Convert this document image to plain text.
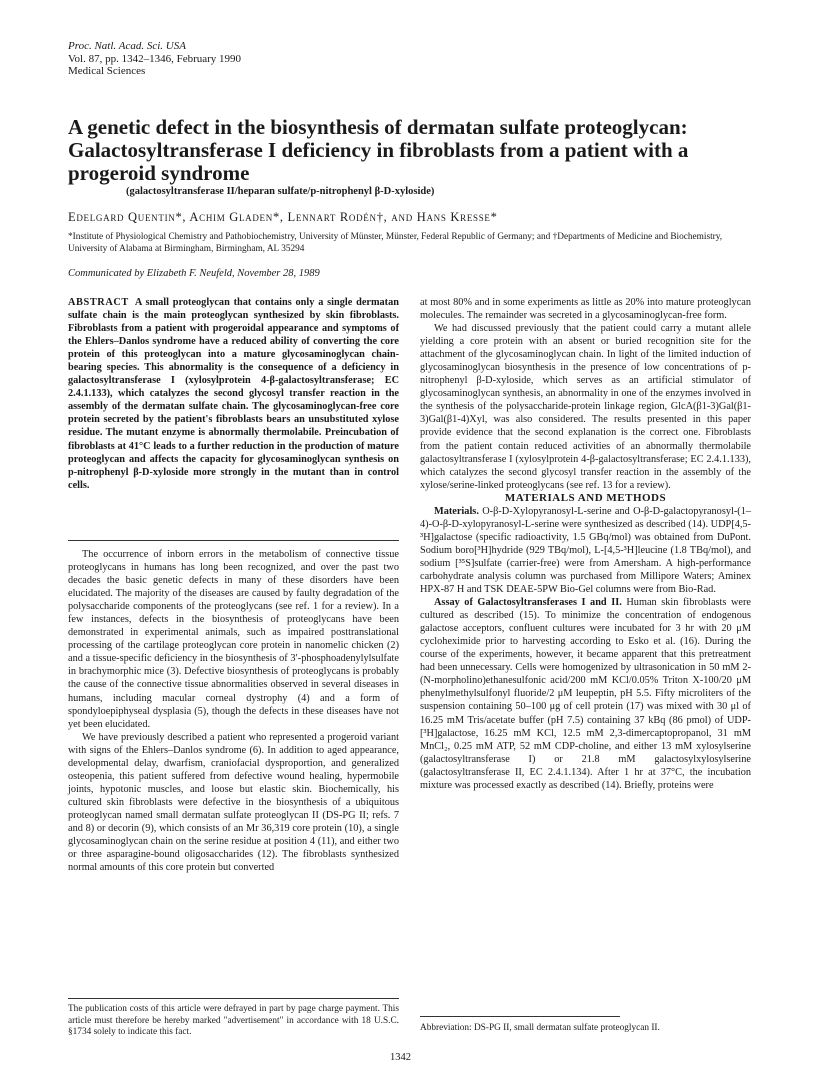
Proc. Natl. Acad. Sci. USA
Vol. 87, pp. 1342–1346, February 1990
Medical Sciences
A genetic defect in the biosynthesis of dermatan sulfate proteoglycan: Galactosyltransferase I deficiency in fibroblasts from a patient with a progeroid syndrome
(galactosyltransferase II/heparan sulfate/p-nitrophenyl β-D-xyloside)
Edelgard Quentin*, Achim Gladen*, Lennart Rodén†, and Hans Kresse*
*Institute of Physiological Chemistry and Pathobiochemistry, University of Münster, Münster, Federal Republic of Germany; and †Departments of Medicine and Biochemistry, University of Alabama at Birmingham, Birmingham, AL 35294
Communicated by Elizabeth F. Neufeld, November 28, 1989

ABSTRACT A small proteoglycan that contains only a single dermatan sulfate chain is the main proteoglycan synthesized by skin fibroblasts. Fibroblasts from a patient with progeroidal appearance and symptoms of the Ehlers–Danlos syndrome have a reduced ability of converting the core protein of this proteoglycan into a mature glycosaminoglycan chain-bearing species. This abnormality is the consequence of a deficiency in galactosyltransferase I (xylosylprotein 4-β-galactosyltransferase; EC 2.4.1.133), which catalyzes the second glycosyl transfer reaction in the assembly of the dermatan sulfate chain. The glycosaminoglycan-free core protein secreted by the patient's fibroblasts bears an unsubstituted xylose residue. The mutant enzyme is abnormally thermolabile. Preincubation of fibroblasts at 41°C leads to a further reduction in the production of mature proteoglycan and affects the capacity for glycosaminoglycan synthesis on p-nitrophenyl β-D-xyloside more strongly in the mutant than in control cells.

The occurrence of inborn errors in the metabolism of connective tissue proteoglycans in humans has long been recognized, and over the past two decades the basic genetic defects in many of these disorders have been elucidated. The majority of the diseases are caused by faulty degradation of the polysaccharide components of the proteoglycans (see ref. 1 for a review). In a few instances, defects in the biosynthesis of proteoglycans have been demonstrated in experimental animals, such as impaired posttranslational processing of the cartilage proteoglycan core protein in nanomelic chicken (2) and a tissue-specific deficiency in the biosynthesis of 3′-phosphoadenylylsulfate in brachymorphic mice (3). Defective biosynthesis of proteoglycans is probably the cause of the connective tissue abnormalities observed in several diseases in humans, including macular corneal dystrophy (4) and a form of spondyloepiphyseal dysplasia (5), though the defects in these diseases have not yet been elucidated.

We have previously described a patient who represented a progeroid variant with signs of the Ehlers–Danlos syndrome (6). In addition to aged appearance, developmental delay, dwarfism, craniofacial dysproportion, and generalized osteopenia, this patient suffered from defective wound healing, hypermobile joints, hypotonic muscles, and loose but elastic skin. Biochemically, his cultured skin fibroblasts were defective in the biosynthesis of a ubiquitous proteoglycan named small dermatan sulfate proteoglycan II (DS-PG II; refs. 7 and 8) or decorin (9), which consists of an Mr 36,319 core protein (10), a single glycosaminoglycan chain on the serine residue at position 4 (11), and either two or three asparagine-bound oligosaccharides (12). The fibroblasts synthesized normal amounts of this core protein but converted

at most 80% and in some experiments as little as 20% into mature proteoglycan molecules. The remainder was secreted in a glycosaminoglycan-free form.

We had discussed previously that the patient could carry a mutant allele yielding a core protein with an absent or buried recognition site for the attachment of the glycosaminoglycan chain. In light of the limited induction of glycosaminoglycan biosynthesis in the presence of low concentrations of p-nitrophenyl β-D-xyloside, which serves as an artificial stimulator of glycosaminoglycan synthesis, an abnormality in one of the enzymes involved in the synthesis of the polysaccharide-protein linkage region, GlcA(β1-3)Gal(β1-3)Gal(β1-4)Xyl, was also considered. The results presented in this paper provide evidence that the second explanation is the correct one. Fibroblasts from the patient contain reduced activities of an abnormally thermolabile galactosyltransferase I (xylosylprotein 4-β-galactosyltransferase; EC 2.4.1.133), which catalyzes the second glycosyl transfer reaction in the assembly of the xylose/serine-linked proteoglycans (see ref. 13 for a review).

MATERIALS AND METHODS

Materials. O-β-D-Xylopyranosyl-L-serine and O-β-D-galactopyranosyl-(1–4)-O-β-D-xylopyranosyl-L-serine were synthesized as described (14). UDP[4,5-³H]galactose (specific radioactivity, 1.5 GBq/mol) was obtained from DuPont. Sodium boro[³H]hydride (929 TBq/mol), L-[4,5-³H]leucine (1.8 TBq/mol), and sodium [³⁵S]sulfate (carrier-free) were from Amersham. A high-performance carbohydrate analysis column was purchased from Millipore Waters; Aminex HPX-87 H and TSK DEAE-5PW Bio-Gel columns were from Bio-Rad.

Assay of Galactosyltransferases I and II. Human skin fibroblasts were cultured as described (15). To minimize the concentration of endogenous galactose acceptors, confluent cultures were incubated for 3 hr with 20 μM cycloheximide prior to harvesting according to Esko et al. (16). During the course of the experiments, however, it became apparent that this pretreatment had been unnecessary. Cells were homogenized by ultrasonication in 50 mM 2-(N-morpholino)ethanesulfonic acid/200 mM KCl/0.05% Triton X-100/20 μM phenylmethylsulfonyl fluoride/2 μM leupeptin, pH 5.5. Fifty microliters of the suspension containing 50–100 μg of cell protein (17) was mixed with 30 μl of 16.25 mM Tris/acetate buffer (pH 7.5) containing 37 kBq (86 pmol) of UDP-[³H]galactose, 16.25 mM KCl, 12.5 mM 2,3-dimercaptopropanol, 31 mM MnCl₂, 0.25 mM ATP, 52 mM CDP-choline, and either 13 mM xylosylserine (galactosyltransferase I) or 21.8 mM galactosylxylosylserine (galactosyltransferase II, EC 2.4.1.134). After 1 hr at 37°C, the incubation mixture was processed exactly as described (14). Briefly, proteins were

The publication costs of this article were defrayed in part by page charge payment. This article must therefore be hereby marked "advertisement" in accordance with 18 U.S.C. §1734 solely to indicate this fact.	Abbreviation: DS-PG II, small dermatan sulfate proteoglycan II.
1342
